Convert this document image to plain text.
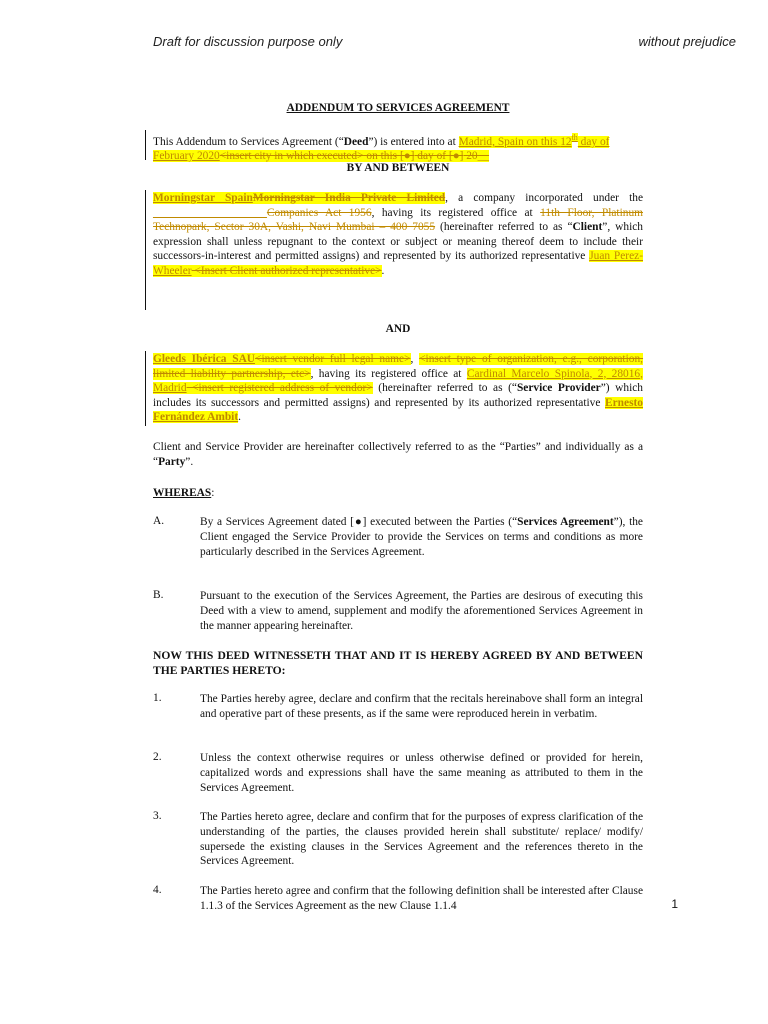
Draft for discussion purpose only	without prejudice
ADDENDUM TO SERVICES AGREEMENT
This Addendum to Services Agreement (“Deed”) is entered into at Madrid, Spain on this 12th day of February 2020<insert city in which executed> on this [●] day of [●] 20__
BY AND BETWEEN
Morningstar SpainMorningstar India Private Limited, a company incorporated under the ____________________Companies Act 1956, having its registered office at 11th Floor, Platinum Technopark, Sector 30A, Vashi, Navi Mumbai – 400 7055 (hereinafter referred to as “Client”, which expression shall unless repugnant to the context or subject or meaning thereof deem to include their successors-in-interest and permitted assigns) and represented by its authorized representative Juan Perez-Wheeler <Insert Client authorized representative>.
AND
Gleeds Ibérica SAU<insert vendor full legal name>, <insert type of organization, e.g., corporation, limited liability partnership, etc>, having its registered office at Cardinal Marcelo Spinola, 2, 28016, Madrid <insert registered address of vendor> (hereinafter referred to as (“Service Provider”) which includes its successors and permitted assigns) and represented by its authorized representative Ernesto Fernández Ambit.
Client and Service Provider are hereinafter collectively referred to as the “Parties” and individually as a “Party”.
WHEREAS:
A.	By a Services Agreement dated [●] executed between the Parties (“Services Agreement”), the Client engaged the Service Provider to provide the Services on terms and conditions as more particularly described in the Services Agreement.
B.	Pursuant to the execution of the Services Agreement, the Parties are desirous of executing this Deed with a view to amend, supplement and modify the aforementioned Services Agreement in the manner appearing hereinafter.
NOW THIS DEED WITNESSETH THAT AND IT IS HEREBY AGREED BY AND BETWEEN THE PARTIES HERETO:
1.	The Parties hereby agree, declare and confirm that the recitals hereinabove shall form an integral and operative part of these presents, as if the same were reproduced herein in verbatim.
2.	Unless the context otherwise requires or unless otherwise defined or provided for herein, capitalized words and expressions shall have the same meaning as attributed to them in the Services Agreement.
3.	The Parties hereto agree, declare and confirm that for the purposes of express clarification of the understanding of the parties, the clauses provided herein shall substitute/ replace/ modify/ supersede the existing clauses in the Services Agreement and the references thereto in the Services Agreement.
4.	The Parties hereto agree and confirm that the following definition shall be interested after Clause 1.1.3 of the Services Agreement as the new Clause 1.1.4	1
